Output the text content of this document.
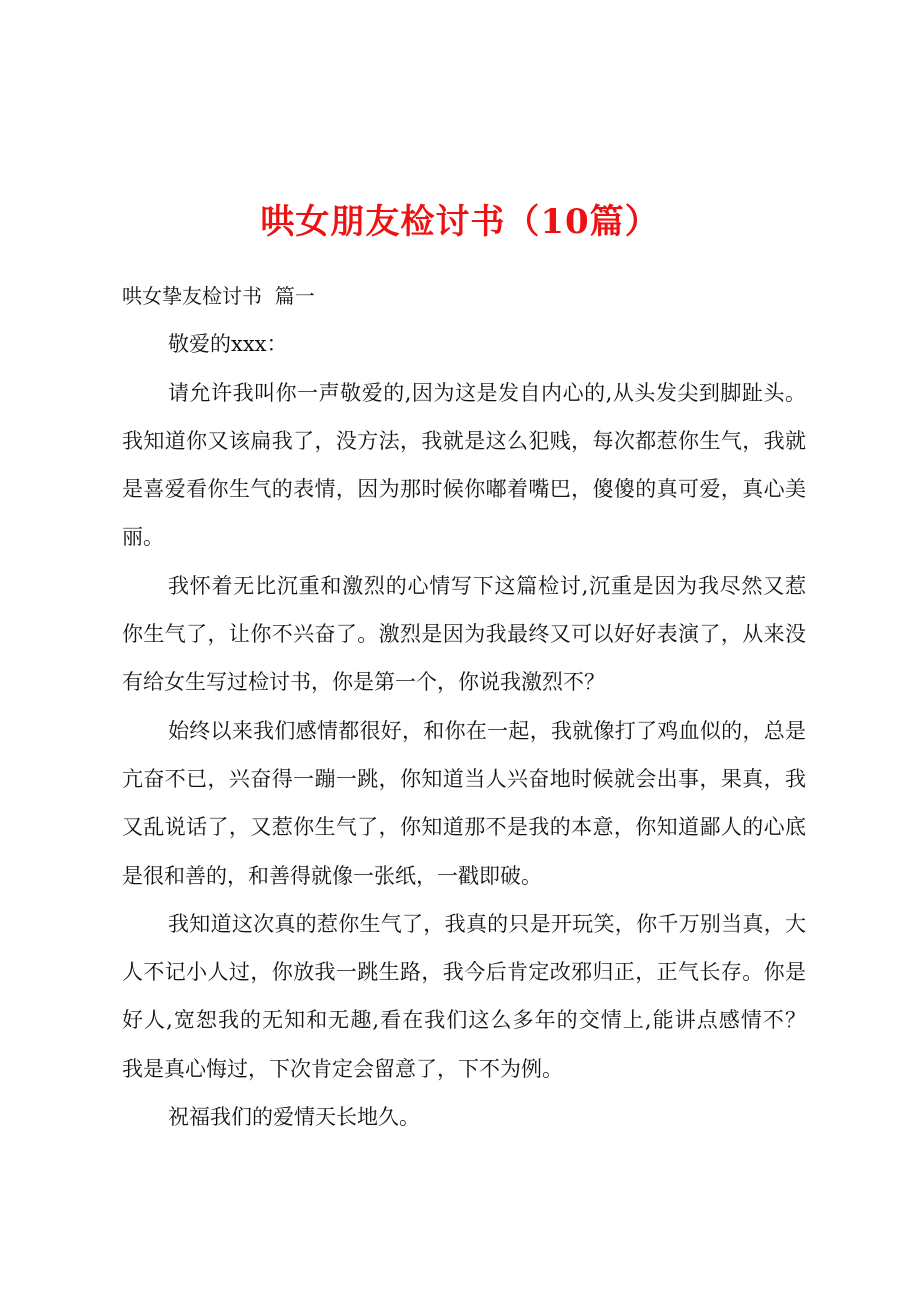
哄女朋友检讨书（10篇）
哄女挚友检讨书  篇一
敬爱的xxx：
请允许我叫你一声敬爱的,因为这是发自内心的,从头发尖到脚趾头。
我知道你又该扁我了，没方法，我就是这么犯贱，每次都惹你生气，我就
是喜爱看你生气的表情，因为那时候你嘟着嘴巴，傻傻的真可爱，真心美
丽。
我怀着无比沉重和激烈的心情写下这篇检讨,沉重是因为我尽然又惹
你生气了，让你不兴奋了。激烈是因为我最终又可以好好表演了，从来没
有给女生写过检讨书，你是第一个，你说我激烈不？
始终以来我们感情都很好，和你在一起，我就像打了鸡血似的，总是
亢奋不已，兴奋得一蹦一跳，你知道当人兴奋地时候就会出事，果真，我
又乱说话了，又惹你生气了，你知道那不是我的本意，你知道鄙人的心底
是很和善的，和善得就像一张纸，一戳即破。
我知道这次真的惹你生气了，我真的只是开玩笑，你千万别当真，大
人不记小人过，你放我一跳生路，我今后肯定改邪归正，正气长存。你是
好人,宽恕我的无知和无趣,看在我们这么多年的交情上,能讲点感情不？
我是真心悔过，下次肯定会留意了，下不为例。
祝福我们的爱情天长地久。
